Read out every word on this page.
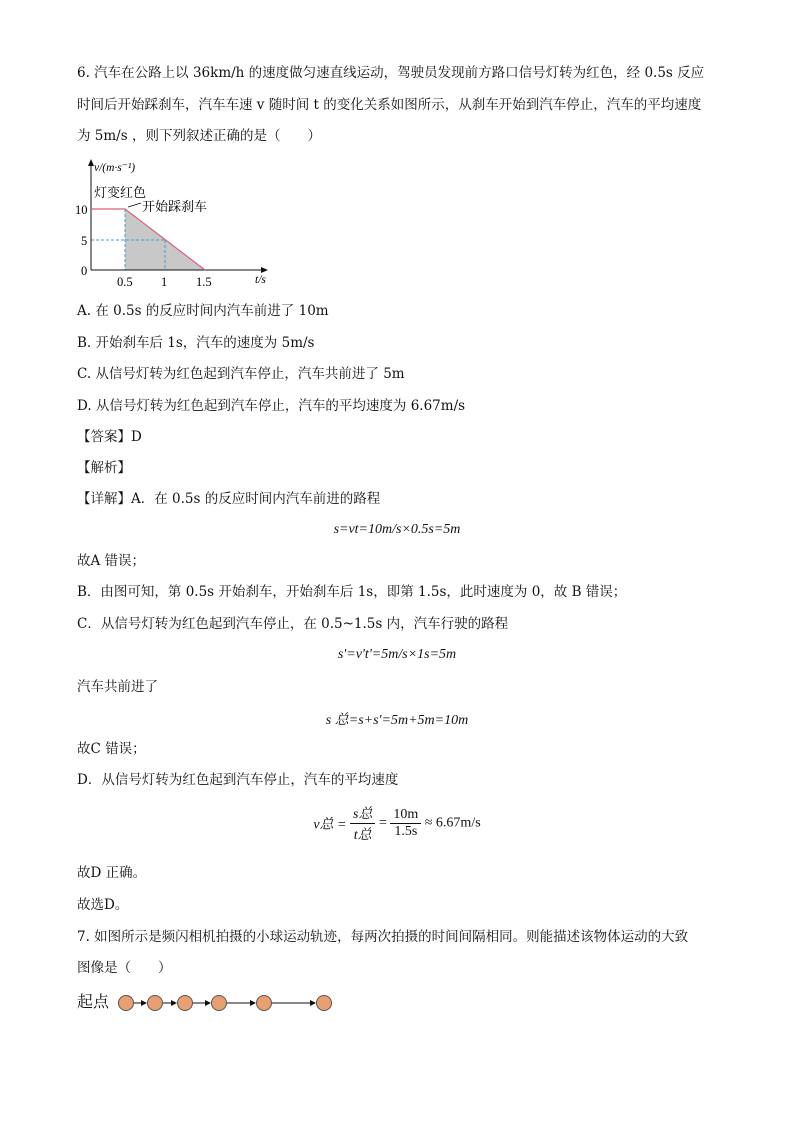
6. 汽车在公路上以 36km/h 的速度做匀速直线运动，驾驶员发现前方路口信号灯转为红色，经 0.5s 反应
时间后开始踩刹车，汽车车速 v 随时间 t 的变化关系如图所示，从刹车开始到汽车停止，汽车的平均速度
为 5m/s ，则下列叙述正确的是（　　）
v/(m·s⁻¹)
灯变红色
开始踩刹车
10
5
0
0.5 1 1.5	t/s
A. 在 0.5s 的反应时间内汽车前进了 10m
B. 开始刹车后 1s，汽车的速度为 5m/s
C. 从信号灯转为红色起到汽车停止，汽车共前进了 5m
D. 从信号灯转为红色起到汽车停止，汽车的平均速度为 6.67m/s
【答案】D
【解析】
【详解】A．在 0.5s 的反应时间内汽车前进的路程
s=vt=10m/s×0.5s=5m
故A 错误；
B．由图可知，第 0.5s 开始刹车，开始刹车后 1s，即第 1.5s，此时速度为 0，故 B 错误；
C．从信号灯转为红色起到汽车停止，在 0.5~1.5s 内，汽车行驶的路程
s'=v't'=5m/s×1s=5m
汽车共前进了
s 总=s+s'=5m+5m=10m
故C 错误；
D．从信号灯转为红色起到汽车停止，汽车的平均速度
v总 = $\frac{\text{s总}}{\text{t总}} = \frac{10m}{1.5s} \approx 6.67m/s$
故D 正确。
故选D。
7. 如图所示是频闪相机拍摄的小球运动轨迹，每两次拍摄的时间间隔相同。则能描述该物体运动的大致
图像是（　　）
起点
